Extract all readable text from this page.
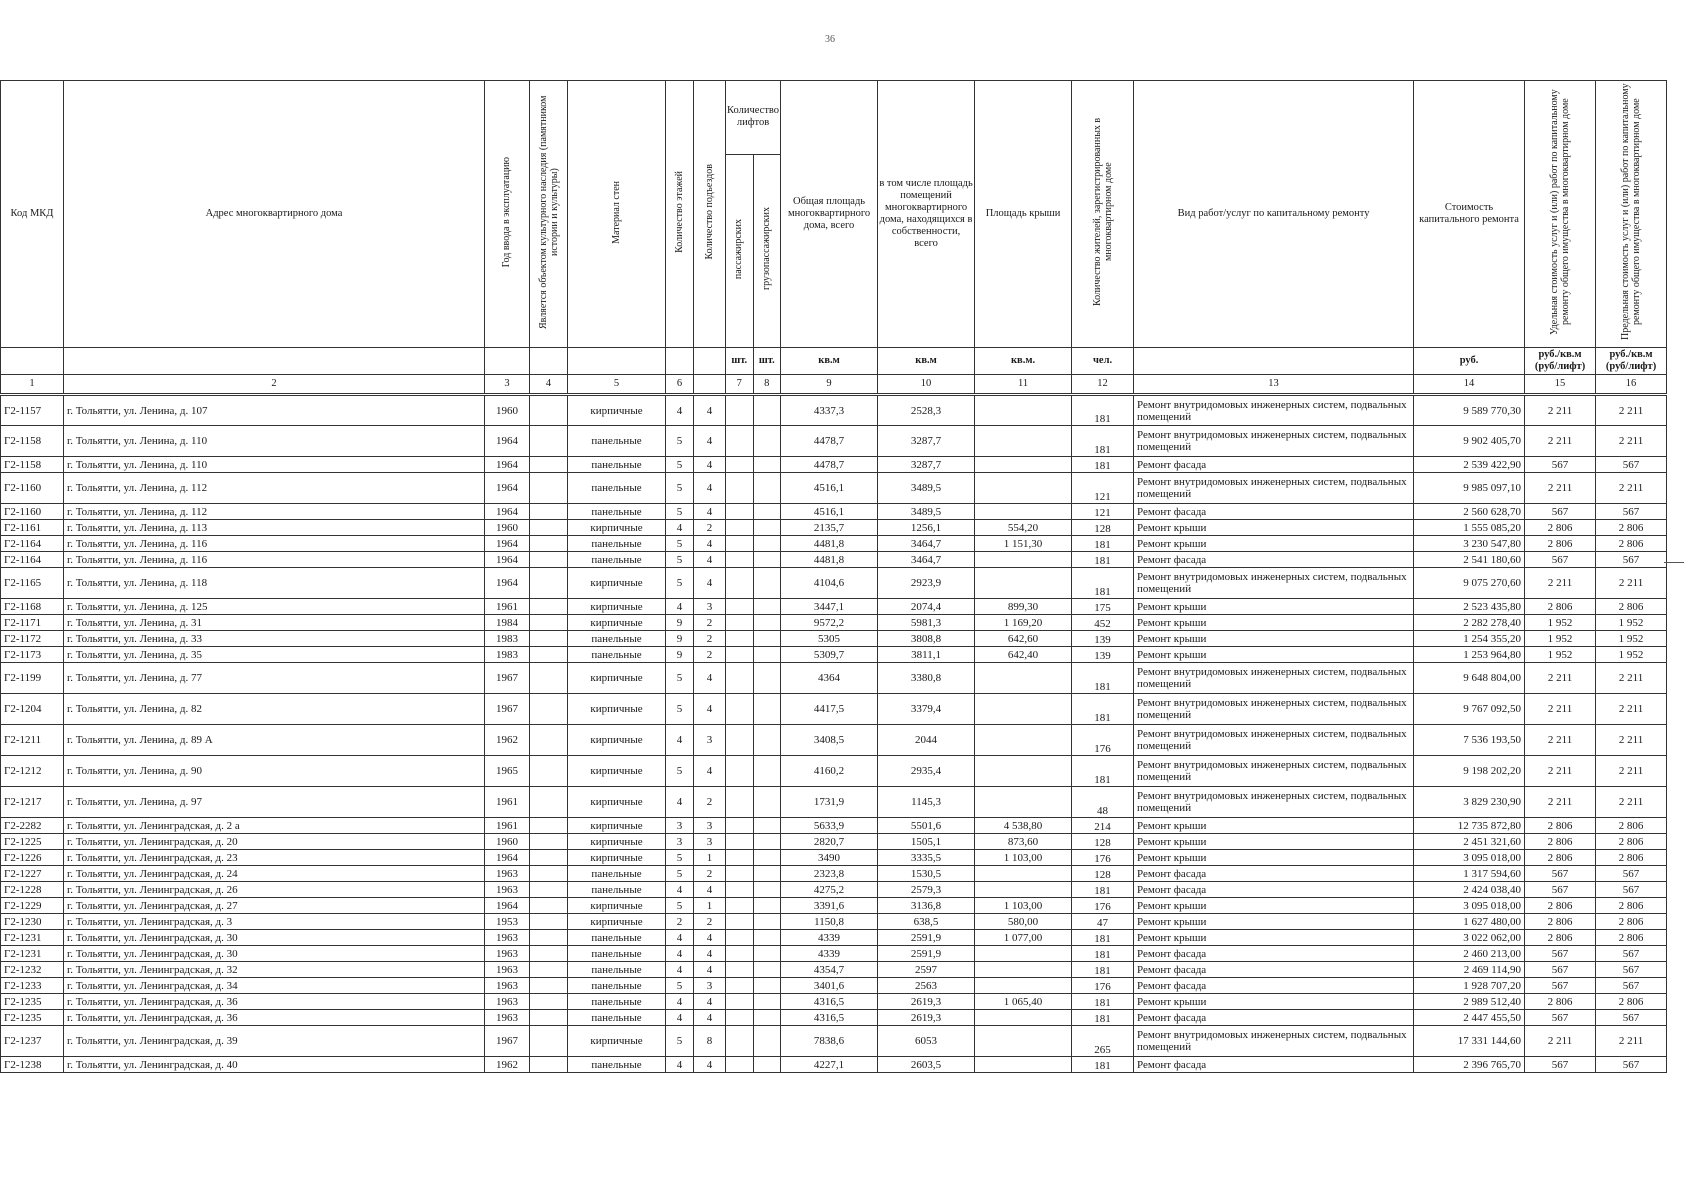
36
Код МКД	Адрес многоквартирного дома	Год ввода в эксплуатацию	Является объектом культурного наследия (памятником истории и культуры)	Материал стен	Количество этажей	Количество подъездов	Количество лифтов		Общая площадь многоквартирного дома, всего	в том числе площадь помещений многоквартирного дома, находящихся в собственности, всего	Площадь крыши	Количество жителей, зарегистрированных в многоквартирном доме	Вид работ/услуг по капитальному ремонту	Стоимость капитального ремонта	Удельная стоимость услуг и (или) работ по капитальному ремонту общего имущества в многоквартирном доме	Предельная стоимость услуг и (или) работ по капитальному ремонту общего имущества в многоквартирном доме
							пассажирских	грузопассажирских								
							шт.	шт.	кв.м	кв.м	кв.м.	чел.		руб.	руб./кв.м (руб/лифт)	руб./кв.м (руб/лифт)
1	2	3	4	5	6		7	8	9	10	11	12	13	14	15	16
Г2-1157	г. Тольятти, ул. Ленина, д. 107	1960		кирпичные	4	4			4337,3	2528,3		181	Ремонт внутридомовых инженерных систем, подвальных помещений	9 589 770,30	2 211	2 211
Г2-1158	г. Тольятти, ул. Ленина, д. 110	1964		панельные	5	4			4478,7	3287,7		181	Ремонт внутридомовых инженерных систем, подвальных помещений	9 902 405,70	2 211	2 211
Г2-1158	г. Тольятти, ул. Ленина, д. 110	1964		панельные	5	4			4478,7	3287,7		181	Ремонт фасада	2 539 422,90	567	567
Г2-1160	г. Тольятти, ул. Ленина, д. 112	1964		панельные	5	4			4516,1	3489,5		121	Ремонт внутридомовых инженерных систем, подвальных помещений	9 985 097,10	2 211	2 211
Г2-1160	г. Тольятти, ул. Ленина, д. 112	1964		панельные	5	4			4516,1	3489,5		121	Ремонт фасада	2 560 628,70	567	567
Г2-1161	г. Тольятти, ул. Ленина, д. 113	1960		кирпичные	4	2			2135,7	1256,1	554,20	128	Ремонт крыши	1 555 085,20	2 806	2 806
Г2-1164	г. Тольятти, ул. Ленина, д. 116	1964		панельные	5	4			4481,8	3464,7	1 151,30	181	Ремонт крыши	3 230 547,80	2 806	2 806
Г2-1164	г. Тольятти, ул. Ленина, д. 116	1964		панельные	5	4			4481,8	3464,7		181	Ремонт фасада	2 541 180,60	567	567
Г2-1165	г. Тольятти, ул. Ленина, д. 118	1964		кирпичные	5	4			4104,6	2923,9		181	Ремонт внутридомовых инженерных систем, подвальных помещений	9 075 270,60	2 211	2 211
Г2-1168	г. Тольятти, ул. Ленина, д. 125	1961		кирпичные	4	3			3447,1	2074,4	899,30	175	Ремонт крыши	2 523 435,80	2 806	2 806
Г2-1171	г. Тольятти, ул. Ленина, д. 31	1984		кирпичные	9	2			9572,2	5981,3	1 169,20	452	Ремонт крыши	2 282 278,40	1 952	1 952
Г2-1172	г. Тольятти, ул. Ленина, д. 33	1983		панельные	9	2			5305	3808,8	642,60	139	Ремонт крыши	1 254 355,20	1 952	1 952
Г2-1173	г. Тольятти, ул. Ленина, д. 35	1983		панельные	9	2			5309,7	3811,1	642,40	139	Ремонт крыши	1 253 964,80	1 952	1 952
Г2-1199	г. Тольятти, ул. Ленина, д. 77	1967		кирпичные	5	4			4364	3380,8		181	Ремонт внутридомовых инженерных систем, подвальных помещений	9 648 804,00	2 211	2 211
Г2-1204	г. Тольятти, ул. Ленина, д. 82	1967		кирпичные	5	4			4417,5	3379,4		181	Ремонт внутридомовых инженерных систем, подвальных помещений	9 767 092,50	2 211	2 211
Г2-1211	г. Тольятти, ул. Ленина, д. 89 А	1962		кирпичные	4	3			3408,5	2044		176	Ремонт внутридомовых инженерных систем, подвальных помещений	7 536 193,50	2 211	2 211
Г2-1212	г. Тольятти, ул. Ленина, д. 90	1965		кирпичные	5	4			4160,2	2935,4		181	Ремонт внутридомовых инженерных систем, подвальных помещений	9 198 202,20	2 211	2 211
Г2-1217	г. Тольятти, ул. Ленина, д. 97	1961		кирпичные	4	2			1731,9	1145,3		48	Ремонт внутридомовых инженерных систем, подвальных помещений	3 829 230,90	2 211	2 211
Г2-2282	г. Тольятти, ул. Ленинградская, д. 2 а	1961		кирпичные	3	3			5633,9	5501,6	4 538,80	214	Ремонт крыши	12 735 872,80	2 806	2 806
Г2-1225	г. Тольятти, ул. Ленинградская, д. 20	1960		кирпичные	3	3			2820,7	1505,1	873,60	128	Ремонт крыши	2 451 321,60	2 806	2 806
Г2-1226	г. Тольятти, ул. Ленинградская, д. 23	1964		кирпичные	5	1			3490	3335,5	1 103,00	176	Ремонт крыши	3 095 018,00	2 806	2 806
Г2-1227	г. Тольятти, ул. Ленинградская, д. 24	1963		панельные	5	2			2323,8	1530,5		128	Ремонт фасада	1 317 594,60	567	567
Г2-1228	г. Тольятти, ул. Ленинградская, д. 26	1963		панельные	4	4			4275,2	2579,3		181	Ремонт фасада	2 424 038,40	567	567
Г2-1229	г. Тольятти, ул. Ленинградская, д. 27	1964		кирпичные	5	1			3391,6	3136,8	1 103,00	176	Ремонт крыши	3 095 018,00	2 806	2 806
Г2-1230	г. Тольятти, ул. Ленинградская, д. 3	1953		кирпичные	2	2			1150,8	638,5	580,00	47	Ремонт крыши	1 627 480,00	2 806	2 806
Г2-1231	г. Тольятти, ул. Ленинградская, д. 30	1963		панельные	4	4			4339	2591,9	1 077,00	181	Ремонт крыши	3 022 062,00	2 806	2 806
Г2-1231	г. Тольятти, ул. Ленинградская, д. 30	1963		панельные	4	4			4339	2591,9		181	Ремонт фасада	2 460 213,00	567	567
Г2-1232	г. Тольятти, ул. Ленинградская, д. 32	1963		панельные	4	4			4354,7	2597		181	Ремонт фасада	2 469 114,90	567	567
Г2-1233	г. Тольятти, ул. Ленинградская, д. 34	1963		панельные	5	3			3401,6	2563		176	Ремонт фасада	1 928 707,20	567	567
Г2-1235	г. Тольятти, ул. Ленинградская, д. 36	1963		панельные	4	4			4316,5	2619,3	1 065,40	181	Ремонт крыши	2 989 512,40	2 806	2 806
Г2-1235	г. Тольятти, ул. Ленинградская, д. 36	1963		панельные	4	4			4316,5	2619,3		181	Ремонт фасада	2 447 455,50	567	567
Г2-1237	г. Тольятти, ул. Ленинградская, д. 39	1967		кирпичные	5	8			7838,6	6053		265	Ремонт внутридомовых инженерных систем, подвальных помещений	17 331 144,60	2 211	2 211
Г2-1238	г. Тольятти, ул. Ленинградская, д. 40	1962		панельные	4	4			4227,1	2603,5		181	Ремонт фасада	2 396 765,70	567	567
